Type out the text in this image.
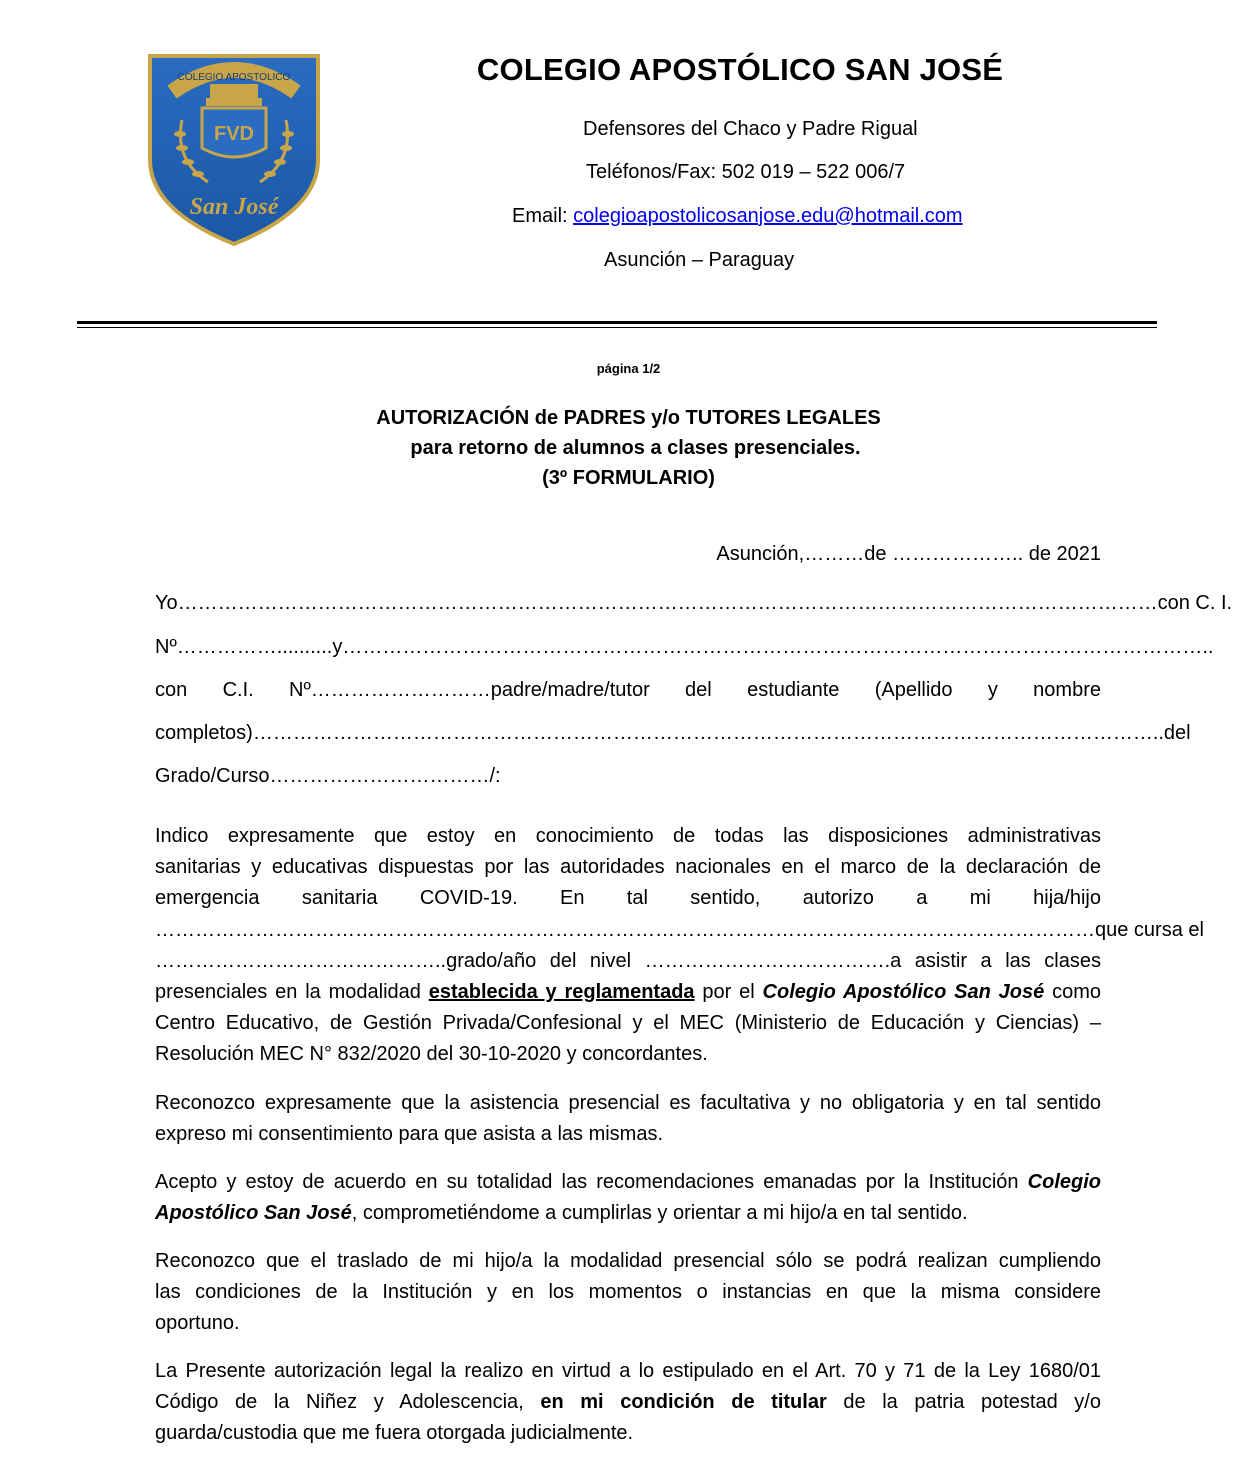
COLEGIO APOSTOLICO
FVD
San José
COLEGIO APOSTÓLICO SAN JOSÉ
Defensores del Chaco y Padre Rigual
Teléfonos/Fax: 502 019 – 522 006/7
Email: colegioapostolicosanjose.edu@hotmail.com
Asunción – Paraguay
página 1/2
AUTORIZACIÓN de PADRES y/o TUTORES LEGALES
para retorno de alumnos a clases presenciales.
(3º FORMULARIO)
Asunción,………de ……………….. de 2021
Yo…………………………………………………………………………………………………………………………………con C. I.
Nº……………..........y…………………………………………………………………………………………………………………..
con C.I. Nº………………………padre/madre/tutor del estudiante (Apellido y nombre
completos)………………………………………………………………………………………………………………………..del
Grado/Curso……………………………/:
Indico expresamente que estoy en conocimiento de todas las disposiciones administrativas
sanitarias y educativas dispuestas por las autoridades nacionales en el marco de la declaración de
emergencia sanitaria COVID-19. En tal sentido, autorizo a mi hija/hijo
……………………………………………………………………………………………………………………………que cursa el
……………………………………..grado/año del nivel ……………………………….a asistir a las clases
presenciales en la modalidad establecida y reglamentada por el Colegio Apostólico San José como
Centro Educativo, de Gestión Privada/Confesional y el MEC (Ministerio de Educación y Ciencias) –
Resolución MEC N° 832/2020 del 30-10-2020 y concordantes.
Reconozco expresamente que la asistencia presencial es facultativa y no obligatoria y en tal sentido
expreso mi consentimiento para que asista a las mismas.
Acepto y estoy de acuerdo en su totalidad las recomendaciones emanadas por la Institución Colegio
Apostólico San José, comprometiéndome a cumplirlas y orientar a mi hijo/a en tal sentido.
Reconozco que el traslado de mi hijo/a la modalidad presencial sólo se podrá realizan cumpliendo
las condiciones de la Institución y en los momentos o instancias en que la misma considere
oportuno.
La Presente autorización legal la realizo en virtud a lo estipulado en el Art. 70 y 71 de la Ley 1680/01
Código de la Niñez y Adolescencia, en mi condición de titular de la patria potestad y/o
guarda/custodia que me fuera otorgada judicialmente.
